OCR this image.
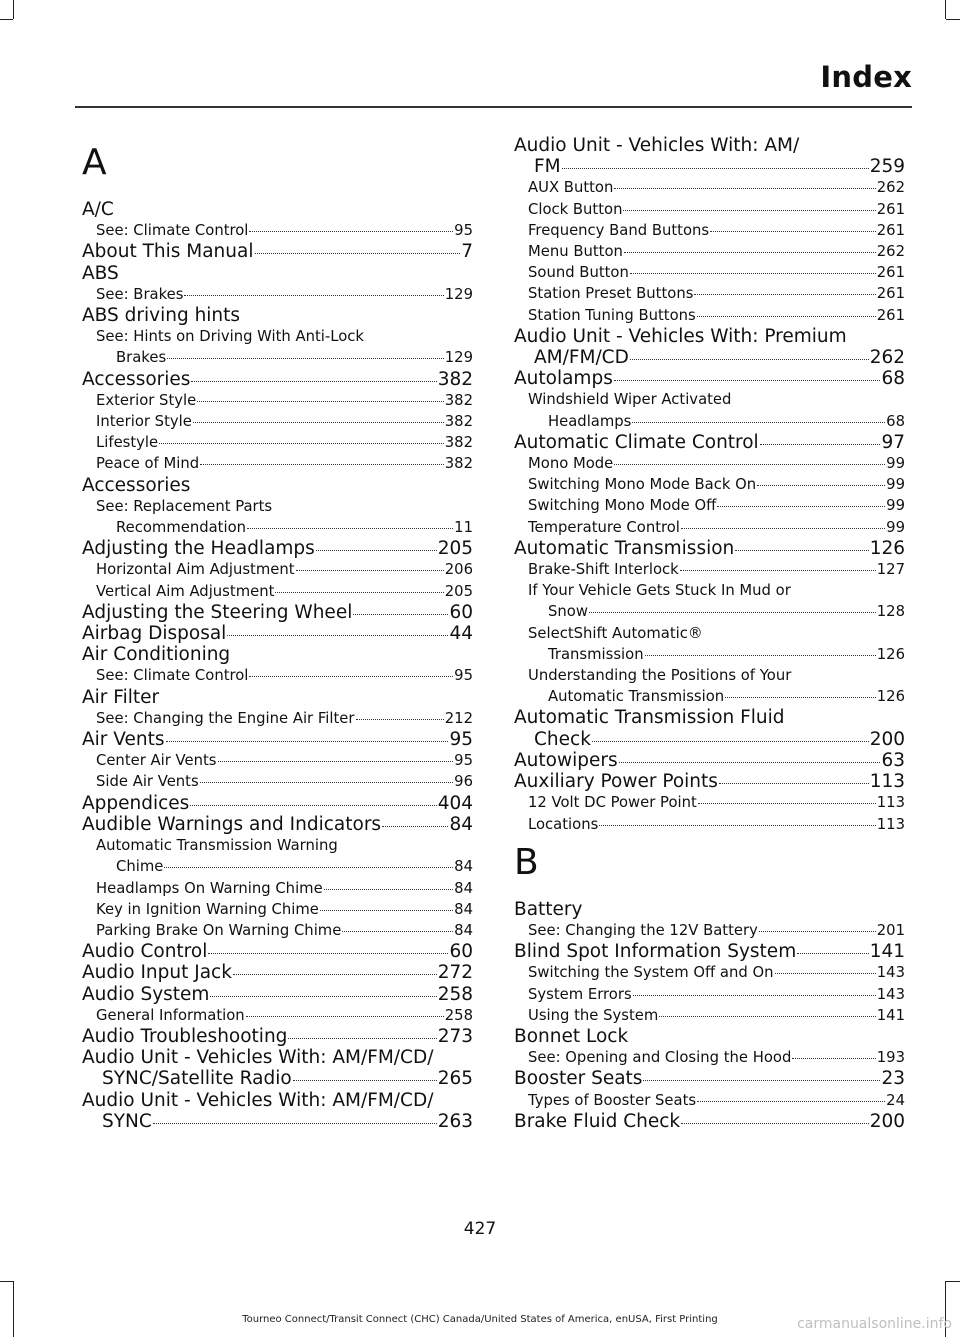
Index
A
A/C
See: Climate Control	95
About This Manual	7
ABS
See: Brakes	129
ABS driving hints
See: Hints on Driving With Anti-Lock
Brakes	129
Accessories	382
Exterior Style	382
Interior Style	382
Lifestyle	382
Peace of Mind	382
Accessories
See: Replacement Parts
Recommendation	11
Adjusting the Headlamps	205
Horizontal Aim Adjustment	206
Vertical Aim Adjustment	205
Adjusting the Steering Wheel	60
Airbag Disposal	44
Air Conditioning
See: Climate Control	95
Air Filter
See: Changing the Engine Air Filter	212
Air Vents	95
Center Air Vents	95
Side Air Vents	96
Appendices	404
Audible Warnings and Indicators	84
Automatic Transmission Warning
Chime	84
Headlamps On Warning Chime	84
Key in Ignition Warning Chime	84
Parking Brake On Warning Chime	84
Audio Control	60
Audio Input Jack	272
Audio System	258
General Information	258
Audio Troubleshooting	273
Audio Unit - Vehicles With: AM/FM/CD/
SYNC/Satellite Radio	265
Audio Unit - Vehicles With: AM/FM/CD/
SYNC	263
Audio Unit - Vehicles With: AM/
FM	259
AUX Button	262
Clock Button	261
Frequency Band Buttons	261
Menu Button	262
Sound Button	261
Station Preset Buttons	261
Station Tuning Buttons	261
Audio Unit - Vehicles With: Premium
AM/FM/CD	262
Autolamps	68
Windshield Wiper Activated
Headlamps	68
Automatic Climate Control	97
Mono Mode	99
Switching Mono Mode Back On	99
Switching Mono Mode Off	99
Temperature Control	99
Automatic Transmission	126
Brake-Shift Interlock	127
If Your Vehicle Gets Stuck In Mud or
Snow	128
SelectShift Automatic®
Transmission	126
Understanding the Positions of Your
Automatic Transmission	126
Automatic Transmission Fluid
Check	200
Autowipers	63
Auxiliary Power Points	113
12 Volt DC Power Point	113
Locations	113
B
Battery
See: Changing the 12V Battery	201
Blind Spot Information System	141
Switching the System Off and On	143
System Errors	143
Using the System	141
Bonnet Lock
See: Opening and Closing the Hood	193
Booster Seats	23
Types of Booster Seats	24
Brake Fluid Check	200
427
Tourneo Connect/Transit Connect (CHC) Canada/United States of America, enUSA, First Printing	carmanualsonline.info
